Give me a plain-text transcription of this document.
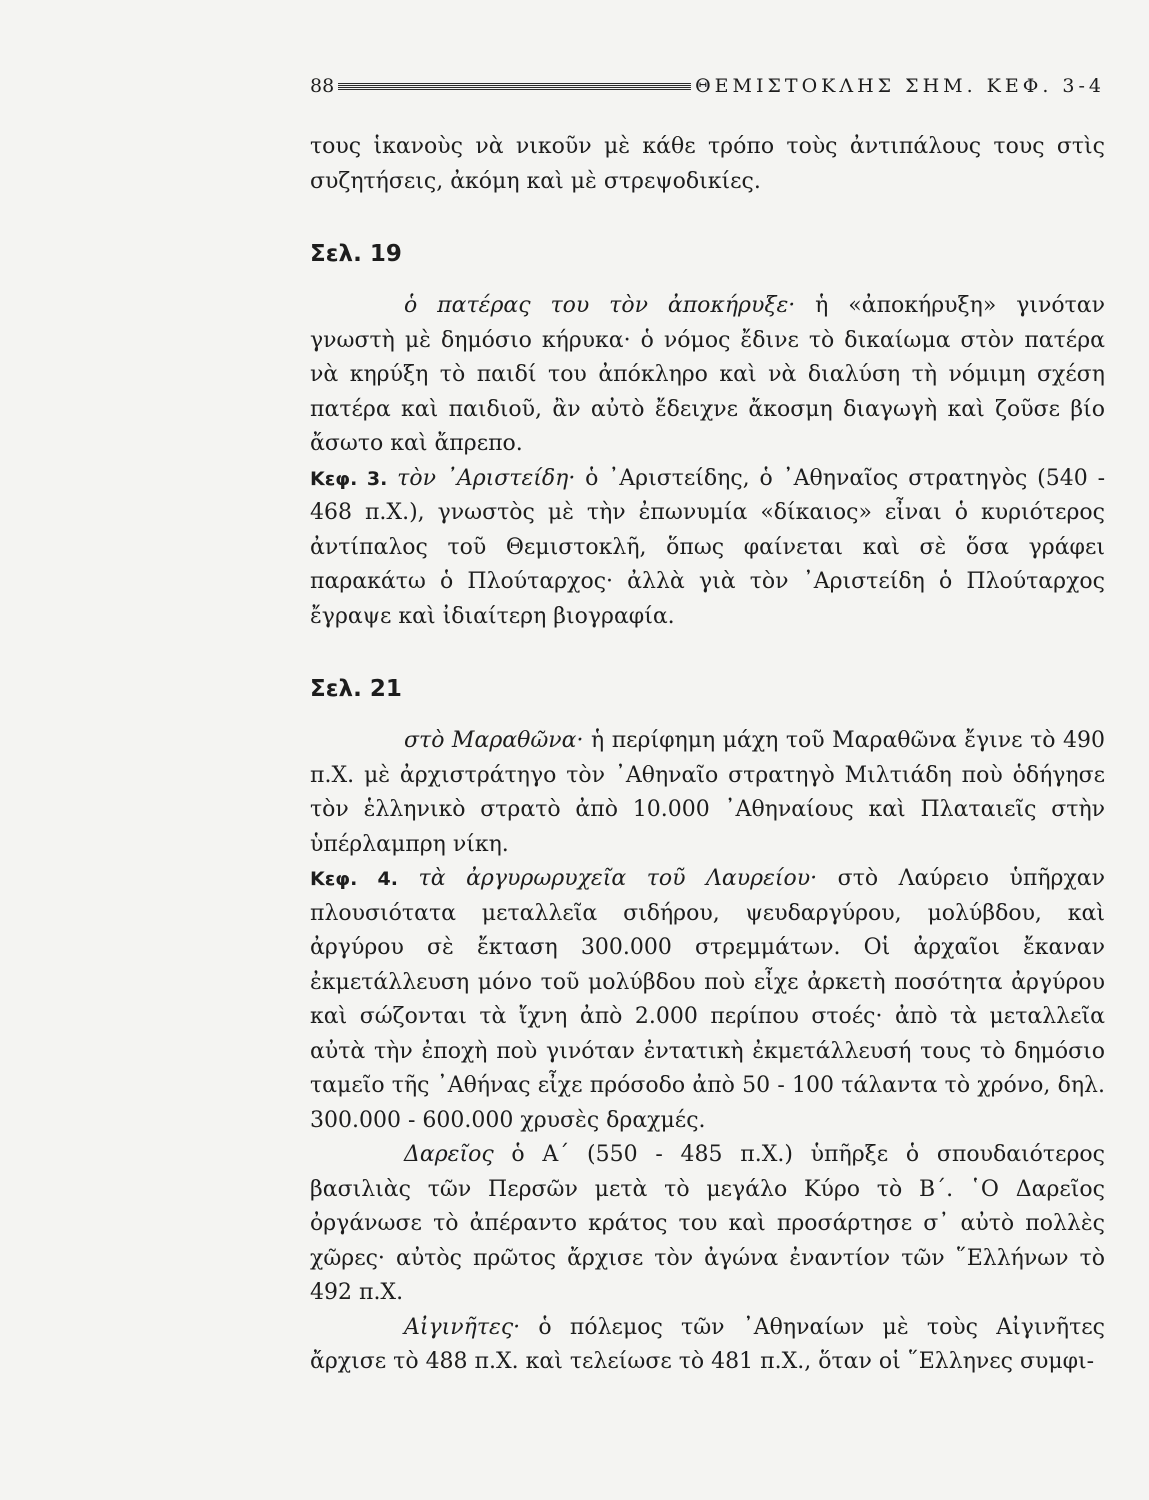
88	ΘΕΜΙΣΤΟΚΛΗΣ ΣΗΜ. ΚΕΦ. 3-4

τους ἱκανοὺς νὰ νικοῦν μὲ κάθε τρόπο τοὺς ἀντιπάλους τους στὶς συζητήσεις, ἀκόμη καὶ μὲ στρεψοδικίες.

Σελ. 19

ὁ πατέρας του τὸν ἀποκήρυξε· ἡ «ἀποκήρυξη» γινόταν γνωστὴ μὲ δημόσιο κήρυκα· ὁ νόμος ἔδινε τὸ δικαίωμα στὸν πατέρα νὰ κηρύξη τὸ παιδί του ἀπόκληρο καὶ νὰ διαλύση τὴ νόμιμη σχέση πατέρα καὶ παιδιοῦ, ἂν αὐτὸ ἔδειχνε ἄκοσμη διαγωγὴ καὶ ζοῦσε βίο ἄσωτο καὶ ἄπρεπο.

Κεφ. 3. τὸν ᾿Αριστείδη· ὁ ᾿Αριστείδης, ὁ ᾿Αθηναῖος στρατηγὸς (540 - 468 π.Χ.), γνωστὸς μὲ τὴν ἐπωνυμία «δίκαιος» εἶναι ὁ κυριότερος ἀντίπαλος τοῦ Θεμιστοκλῆ, ὅπως φαίνεται καὶ σὲ ὅσα γράφει παρακάτω ὁ Πλούταρχος· ἀλλὰ γιὰ τὸν ᾿Αριστείδη ὁ Πλούταρχος ἔγραψε καὶ ἰδιαίτερη βιογραφία.

Σελ. 21

στὸ Μαραθῶνα· ἡ περίφημη μάχη τοῦ Μαραθῶνα ἔγινε τὸ 490 π.Χ. μὲ ἀρχιστράτηγο τὸν ᾿Αθηναῖο στρατηγὸ Μιλτιάδη ποὺ ὁδήγησε τὸν ἑλληνικὸ στρατὸ ἀπὸ 10.000 ᾿Αθηναίους καὶ Πλαταιεῖς στὴν ὑπέρλαμπρη νίκη.

Κεφ. 4. τὰ ἀργυρωρυχεῖα τοῦ Λαυρείου· στὸ Λαύρειο ὑπῆρχαν πλουσιότατα μεταλλεῖα σιδήρου, ψευδαργύρου, μολύβδου, καὶ ἀργύρου σὲ ἔκταση 300.000 στρεμμάτων. Οἱ ἀρχαῖοι ἔκαναν ἐκμετάλλευση μόνο τοῦ μολύβδου ποὺ εἶχε ἀρκετὴ ποσότητα ἀργύρου καὶ σώζονται τὰ ἴχνη ἀπὸ 2.000 περίπου στοές· ἀπὸ τὰ μεταλλεῖα αὐτὰ τὴν ἐποχὴ ποὺ γινόταν ἐντατικὴ ἐκμετάλλευσή τους τὸ δημόσιο ταμεῖο τῆς ᾿Αθήνας εἶχε πρόσοδο ἀπὸ 50 - 100 τάλαντα τὸ χρόνο, δηλ. 300.000 - 600.000 χρυσὲς δραχμές.

Δαρεῖος ὁ Α΄ (550 - 485 π.Χ.) ὑπῆρξε ὁ σπουδαιότερος βασιλιὰς τῶν Περσῶν μετὰ τὸ μεγάλο Κύρο τὸ Β΄. ῾Ο Δαρεῖος ὀργάνωσε τὸ ἀπέραντο κράτος του καὶ προσάρτησε σ᾿ αὐτὸ πολλὲς χῶρες· αὐτὸς πρῶτος ἄρχισε τὸν ἀγώνα ἐναντίον τῶν ῞Ελλήνων τὸ 492 π.Χ.

Αἰγινῆτες· ὁ πόλεμος τῶν ᾿Αθηναίων μὲ τοὺς Αἰγινῆτες ἄρχισε τὸ 488 π.Χ. καὶ τελείωσε τὸ 481 π.Χ., ὅταν οἱ ῞Ελληνες συμφι-
